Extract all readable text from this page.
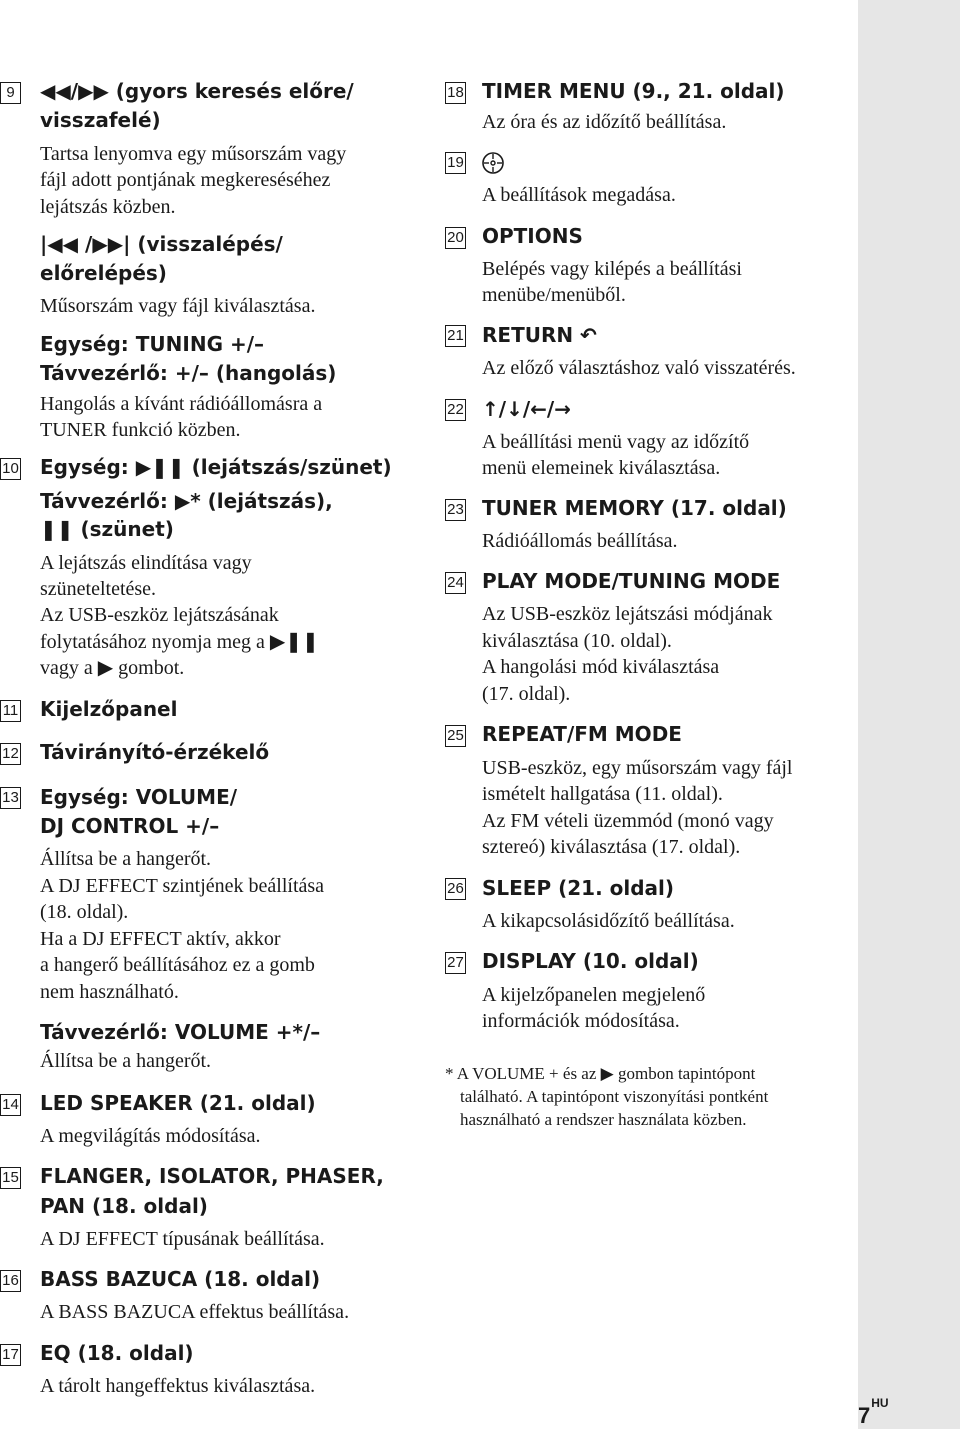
9	◀◀/▶▶ (gyors keresés előre/
visszafelé)
Tartsa lenyomva egy műsorszám vagy
fájl adott pontjának megkereséséhez
lejátszás közben.
|◀◀ /▶▶| (visszalépés/
előrelépés)
Műsorszám vagy fájl kiválasztása.
Egység: TUNING +/–
Távvezérlő: +/– (hangolás)
Hangolás a kívánt rádióállomásra a
TUNER funkció közben.
10 Egység: ▶❚❚ (lejátszás/szünet)
Távvezérlő: ▶* (lejátszás),
❚❚ (szünet)
A lejátszás elindítása vagy
szüneteltetése.
Az USB-eszköz lejátszásának
folytatásához nyomja meg a ▶❚❚
vagy a ▶ gombot.
11 Kijelzőpanel
12 Távirányító-érzékelő
13 Egység: VOLUME/
DJ CONTROL +/–
Állítsa be a hangerőt.
A DJ EFFECT szintjének beállítása
(18. oldal).
Ha a DJ EFFECT aktív, akkor
a hangerő beállításához ez a gomb
nem használható.
Távvezérlő: VOLUME +*/–
Állítsa be a hangerőt.
14 LED SPEAKER (21. oldal)
A megvilágítás módosítása.
15 FLANGER, ISOLATOR, PHASER,
PAN (18. oldal)
A DJ EFFECT típusának beállítása.
16 BASS BAZUCA (18. oldal)
A BASS BAZUCA effektus beállítása.
17 EQ (18. oldal)
A tárolt hangeffektus kiválasztása.
18 TIMER MENU (9., 21. oldal)
Az óra és az időzítő beállítása.
19
A beállítások megadása.
20 OPTIONS
Belépés vagy kilépés a beállítási
menübe/menüből.
21 RETURN ↶
Az előző választáshoz való visszatérés.
22 ↑/↓/←/→
A beállítási menü vagy az időzítő
menü elemeinek kiválasztása.
23 TUNER MEMORY (17. oldal)
Rádióállomás beállítása.
24 PLAY MODE/TUNING MODE
Az USB-eszköz lejátszási módjának
kiválasztása (10. oldal).
A hangolási mód kiválasztása
(17. oldal).
25 REPEAT/FM MODE
USB-eszköz, egy műsorszám vagy fájl
ismételt hallgatása (11. oldal).
Az FM vételi üzemmód (monó vagy
sztereó) kiválasztása (17. oldal).
26 SLEEP (21. oldal)
A kikapcsolásidőzítő beállítása.
27 DISPLAY (10. oldal)
A kijelzőpanelen megjelenő
információk módosítása.
* A VOLUME + és az ▶ gombon tapintópont
található. A tapintópont viszonyítási pontként
használható a rendszer használata közben.
$7^{HU}$
